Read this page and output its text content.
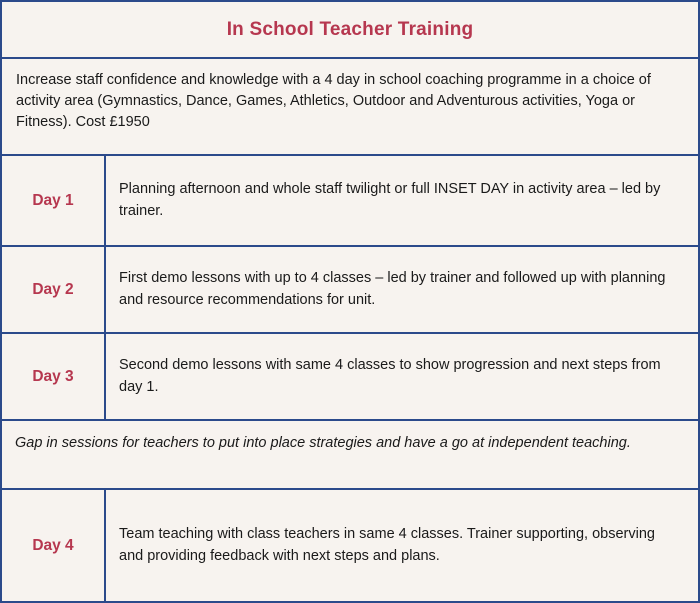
In School Teacher Training
Increase staff confidence and knowledge with a 4 day in school coaching programme in a choice of activity area (Gymnastics, Dance, Games, Athletics, Outdoor and Adventurous activities, Yoga or Fitness). Cost £1950
Day 1
Planning afternoon and whole staff twilight or full INSET DAY in activity area – led by trainer.
Day 2
First demo lessons with up to 4 classes – led by trainer and followed up with planning and resource recommendations for unit.
Day 3
Second demo lessons with same 4 classes to show progression and next steps from day 1.
Gap in sessions for teachers to put into place strategies and have a go at independent teaching.
Day 4
Team teaching with class teachers in same 4 classes. Trainer supporting, observing and providing feedback with next steps and plans.
